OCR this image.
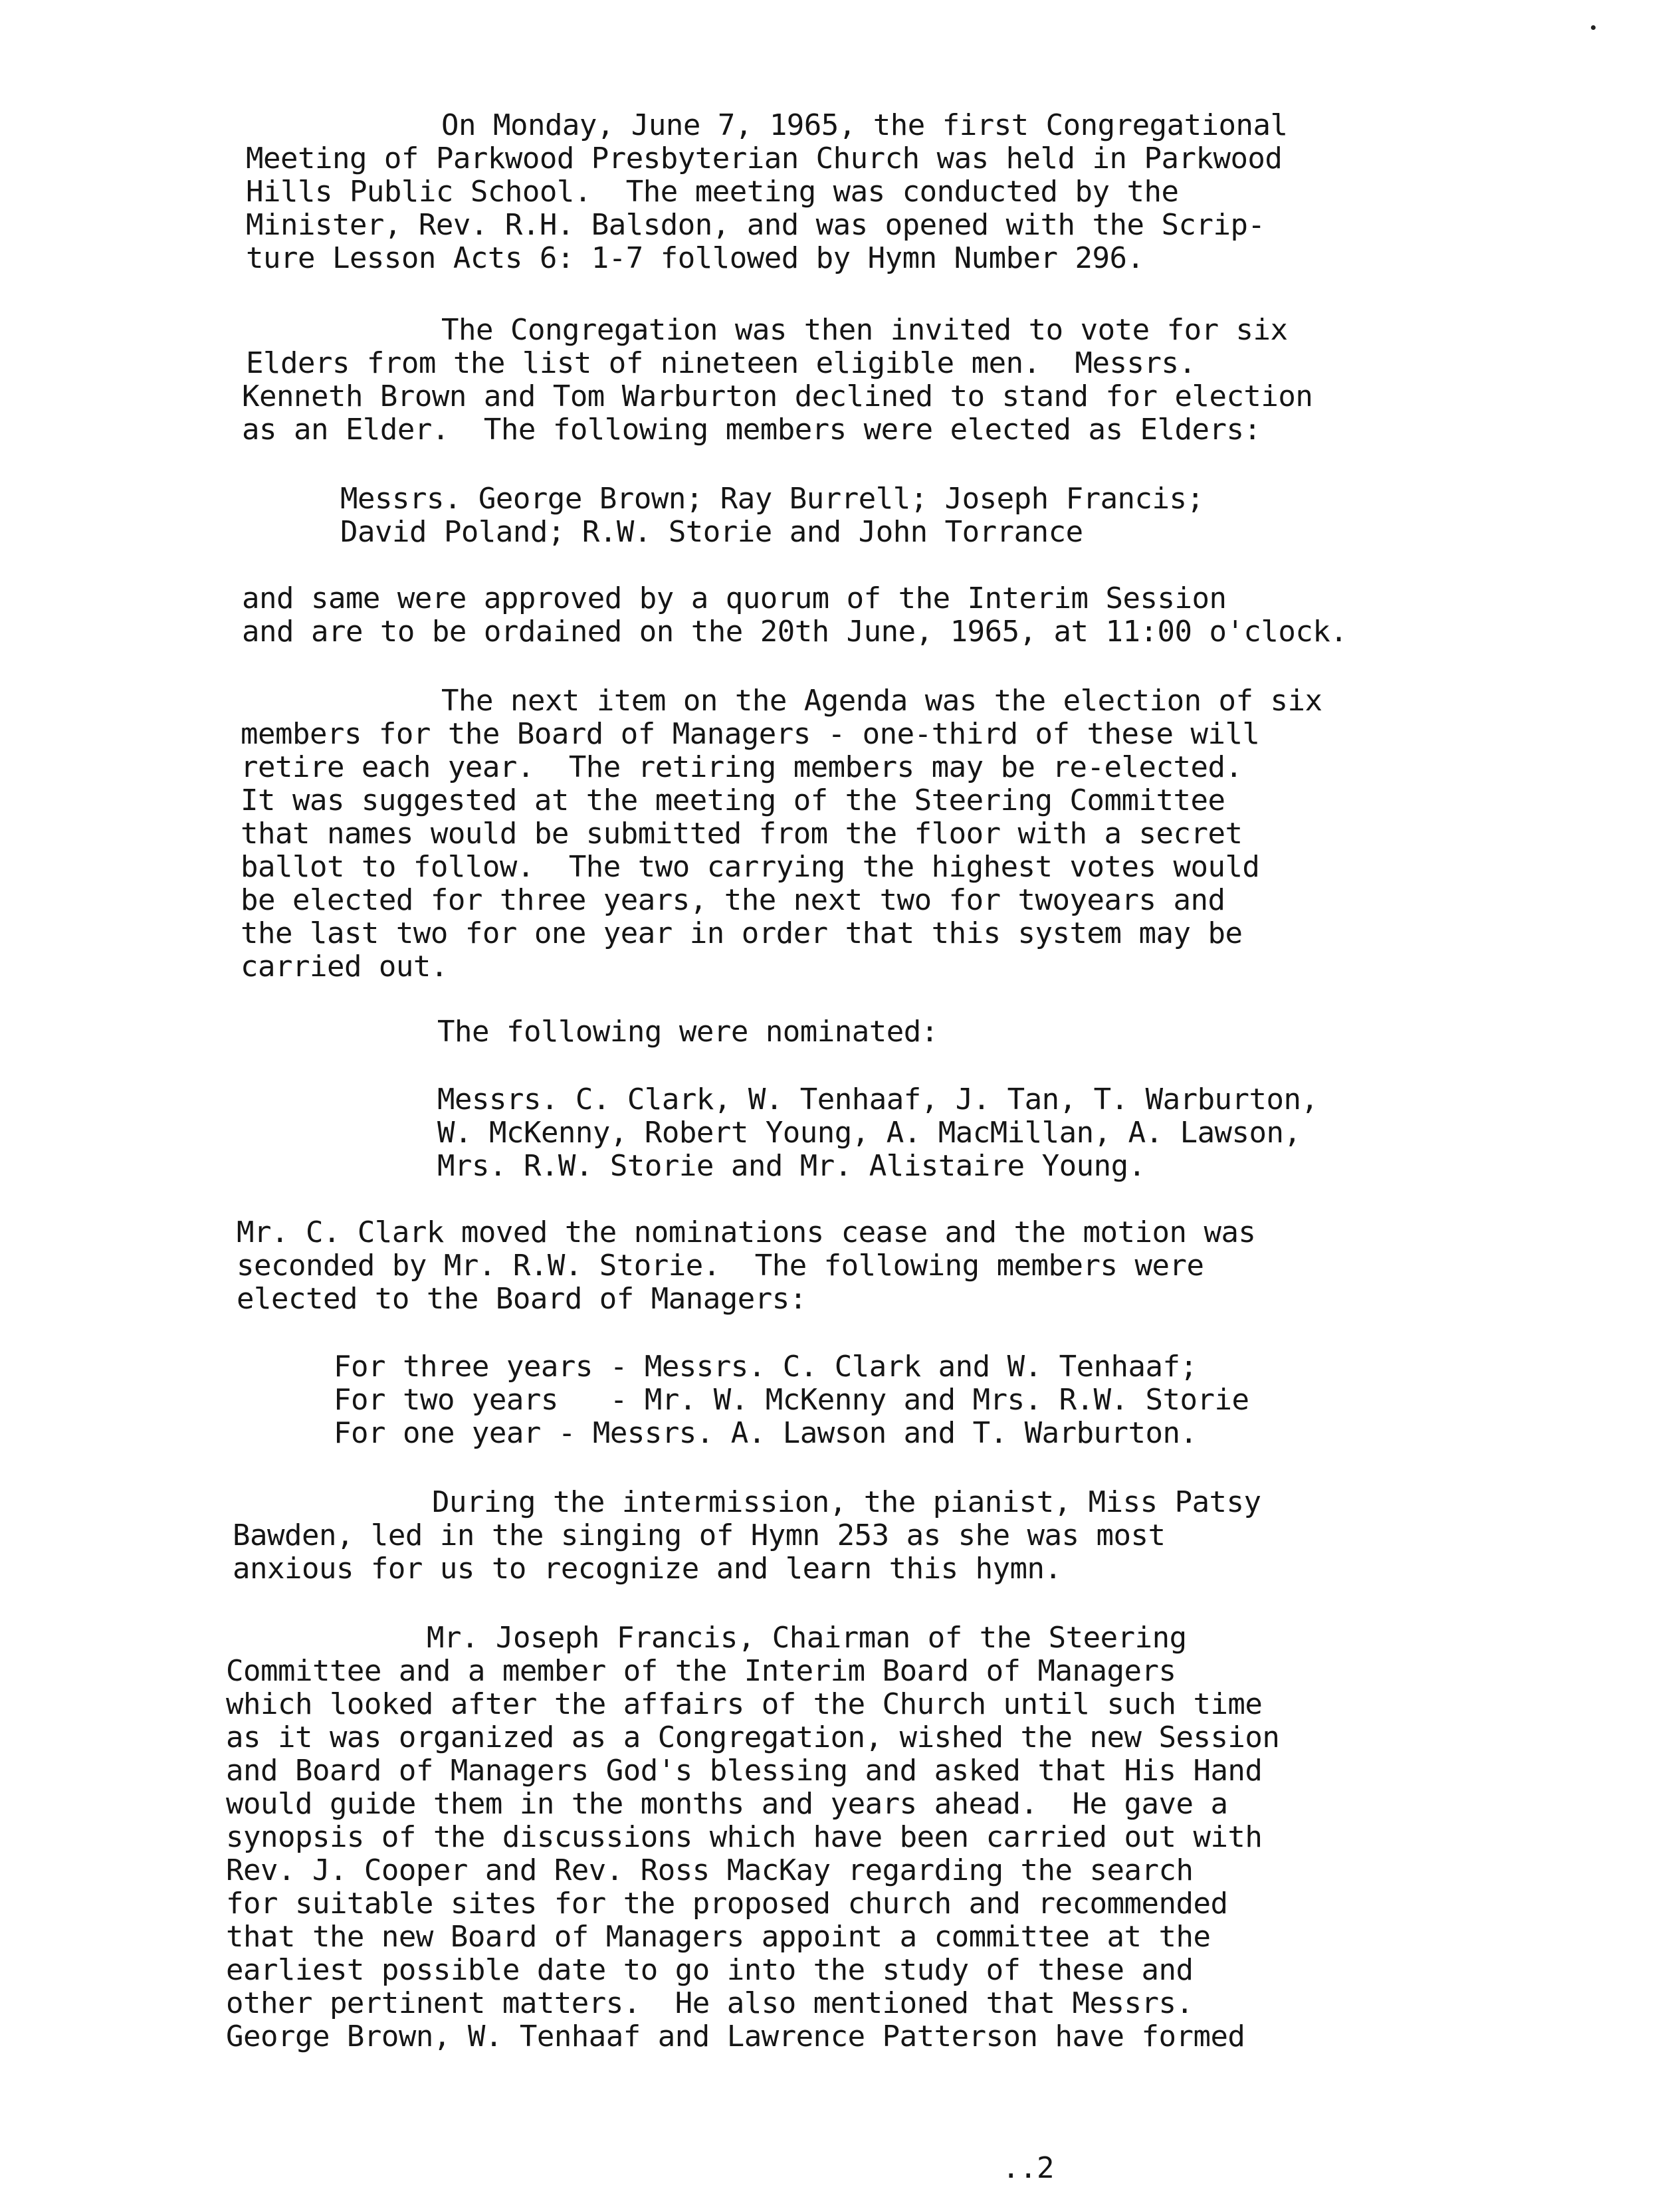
On Monday, June 7, 1965, the first Congregational
Meeting of Parkwood Presbyterian Church was held in Parkwood
Hills Public School.  The meeting was conducted by the
Minister, Rev. R.H. Balsdon, and was opened with the Scrip-
ture Lesson Acts 6: 1-7 followed by Hymn Number 296.
The Congregation was then invited to vote for six
Elders from the list of nineteen eligible men.  Messrs.
Kenneth Brown and Tom Warburton declined to stand for election
as an Elder.  The following members were elected as Elders:
Messrs. George Brown; Ray Burrell; Joseph Francis;
David Poland; R.W. Storie and John Torrance
and same were approved by a quorum of the Interim Session
and are to be ordained on the 20th June, 1965, at 11:00 o'clock.
The next item on the Agenda was the election of six
members for the Board of Managers - one-third of these will
retire each year.  The retiring members may be re-elected.
It was suggested at the meeting of the Steering Committee
that names would be submitted from the floor with a secret
ballot to follow.  The two carrying the highest votes would
be elected for three years, the next two for twoyears and
the last two for one year in order that this system may be
carried out.
The following were nominated:
Messrs. C. Clark, W. Tenhaaf, J. Tan, T. Warburton,
W. McKenny, Robert Young, A. MacMillan, A. Lawson,
Mrs. R.W. Storie and Mr. Alistaire Young.
Mr. C. Clark moved the nominations cease and the motion was
seconded by Mr. R.W. Storie.  The following members were
elected to the Board of Managers:
For three years - Messrs. C. Clark and W. Tenhaaf;
For two years   - Mr. W. McKenny and Mrs. R.W. Storie
For one year - Messrs. A. Lawson and T. Warburton.
During the intermission, the pianist, Miss Patsy
Bawden, led in the singing of Hymn 253 as she was most
anxious for us to recognize and learn this hymn.
Mr. Joseph Francis, Chairman of the Steering
Committee and a member of the Interim Board of Managers
which looked after the affairs of the Church until such time
as it was organized as a Congregation, wished the new Session
and Board of Managers God's blessing and asked that His Hand
would guide them in the months and years ahead.  He gave a
synopsis of the discussions which have been carried out with
Rev. J. Cooper and Rev. Ross MacKay regarding the search
for suitable sites for the proposed church and recommended
that the new Board of Managers appoint a committee at the
earliest possible date to go into the study of these and
other pertinent matters.  He also mentioned that Messrs.
George Brown, W. Tenhaaf and Lawrence Patterson have formed
..2
